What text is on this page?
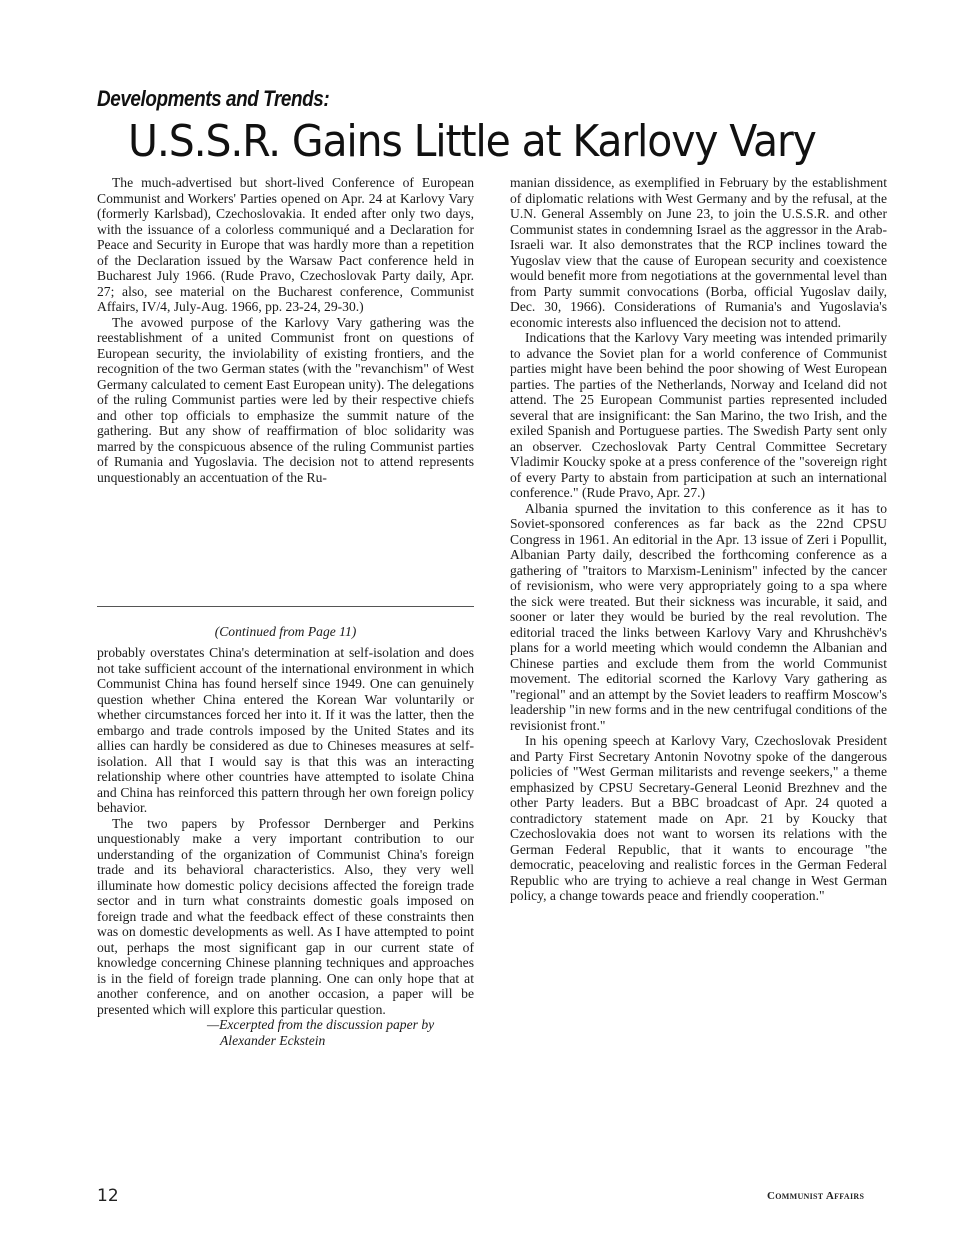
Developments and Trends:
U.S.S.R. Gains Little at Karlovy Vary

The much-advertised but short-lived Conference of European Communist and Workers' Parties opened on Apr. 24 at Karlovy Vary (formerly Karlsbad), Czechoslovakia. It ended after only two days, with the issuance of a colorless communiqué and a Declaration for Peace and Security in Europe that was hardly more than a repetition of the Declaration issued by the Warsaw Pact conference held in Bucharest July 1966. (Rude Pravo, Czechoslovak Party daily, Apr. 27; also, see material on the Bucharest conference, Communist Affairs, IV/4, July-Aug. 1966, pp. 23-24, 29-30.)

The avowed purpose of the Karlovy Vary gathering was the reestablishment of a united Communist front on questions of European security, the inviolability of existing frontiers, and the recognition of the two German states (with the "revanchism" of West Germany calculated to cement East European unity). The delegations of the ruling Communist parties were led by their respective chiefs and other top officials to emphasize the summit nature of the gathering. But any show of reaffirmation of bloc solidarity was marred by the conspicuous absence of the ruling Communist parties of Rumania and Yugoslavia. The decision not to attend represents unquestionably an accentuation of the Ru-

(Continued from Page 11)

probably overstates China's determination at self-isolation and does not take sufficient account of the international environment in which Communist China has found herself since 1949. One can genuinely question whether China entered the Korean War voluntarily or whether circumstances forced her into it. If it was the latter, then the embargo and trade controls imposed by the United States and its allies can hardly be considered as due to Chineses measures at self-isolation. All that I would say is that this was an interacting relationship where other countries have attempted to isolate China and China has reinforced this pattern through her own foreign policy behavior.

The two papers by Professor Dernberger and Perkins unquestionably make a very important contribution to our understanding of the organization of Communist China's foreign trade and its behavioral characteristics. Also, they very well illuminate how domestic policy decisions affected the foreign trade sector and in turn what constraints domestic goals imposed on foreign trade and what the feedback effect of these constraints then was on domestic developments as well. As I have attempted to point out, perhaps the most significant gap in our current state of knowledge concerning Chinese planning techniques and approaches is in the field of foreign trade planning. One can only hope that at another conference, and on another occasion, a paper will be presented which will explore this particular question.

—Excerpted from the discussion paper by

Alexander Eckstein

manian dissidence, as exemplified in February by the establishment of diplomatic relations with West Germany and by the refusal, at the U.N. General Assembly on June 23, to join the U.S.S.R. and other Communist states in condemning Israel as the aggressor in the Arab-Israeli war. It also demonstrates that the RCP inclines toward the Yugoslav view that the cause of European security and coexistence would benefit more from negotiations at the governmental level than from Party summit convocations (Borba, official Yugoslav daily, Dec. 30, 1966). Considerations of Rumania's and Yugoslavia's economic interests also influenced the decision not to attend.

Indications that the Karlovy Vary meeting was intended primarily to advance the Soviet plan for a world conference of Communist parties might have been behind the poor showing of West European parties. The parties of the Netherlands, Norway and Iceland did not attend. The 25 European Communist parties represented included several that are insignificant: the San Marino, the two Irish, and the exiled Spanish and Portuguese parties. The Swedish Party sent only an observer. Czechoslovak Party Central Committee Secretary Vladimir Koucky spoke at a press conference of the "sovereign right of every Party to abstain from participation at such an international conference." (Rude Pravo, Apr. 27.)

Albania spurned the invitation to this conference as it has to Soviet-sponsored conferences as far back as the 22nd CPSU Congress in 1961. An editorial in the Apr. 13 issue of Zeri i Popullit, Albanian Party daily, described the forthcoming conference as a gathering of "traitors to Marxism-Leninism" infected by the cancer of revisionism, who were very appropriately going to a spa where the sick were treated. But their sickness was incurable, it said, and sooner or later they would be buried by the real revolution. The editorial traced the links between Karlovy Vary and Khrushchëv's plans for a world meeting which would condemn the Albanian and Chinese parties and exclude them from the world Communist movement. The editorial scorned the Karlovy Vary gathering as "regional" and an attempt by the Soviet leaders to reaffirm Moscow's leadership "in new forms and in the new centrifugal conditions of the revisionist front."

In his opening speech at Karlovy Vary, Czechoslovak President and Party First Secretary Antonin Novotny spoke of the dangerous policies of "West German militarists and revenge seekers," a theme emphasized by CPSU Secretary-General Leonid Brezhnev and the other Party leaders. But a BBC broadcast of Apr. 24 quoted a contradictory statement made on Apr. 21 by Koucky that Czechoslovakia does not want to worsen its relations with the German Federal Republic, that it wants to encourage "the democratic, peaceloving and realistic forces in the German Federal Republic who are trying to achieve a real change in West German policy, a change towards peace and friendly cooperation."

12	Communist Affairs
